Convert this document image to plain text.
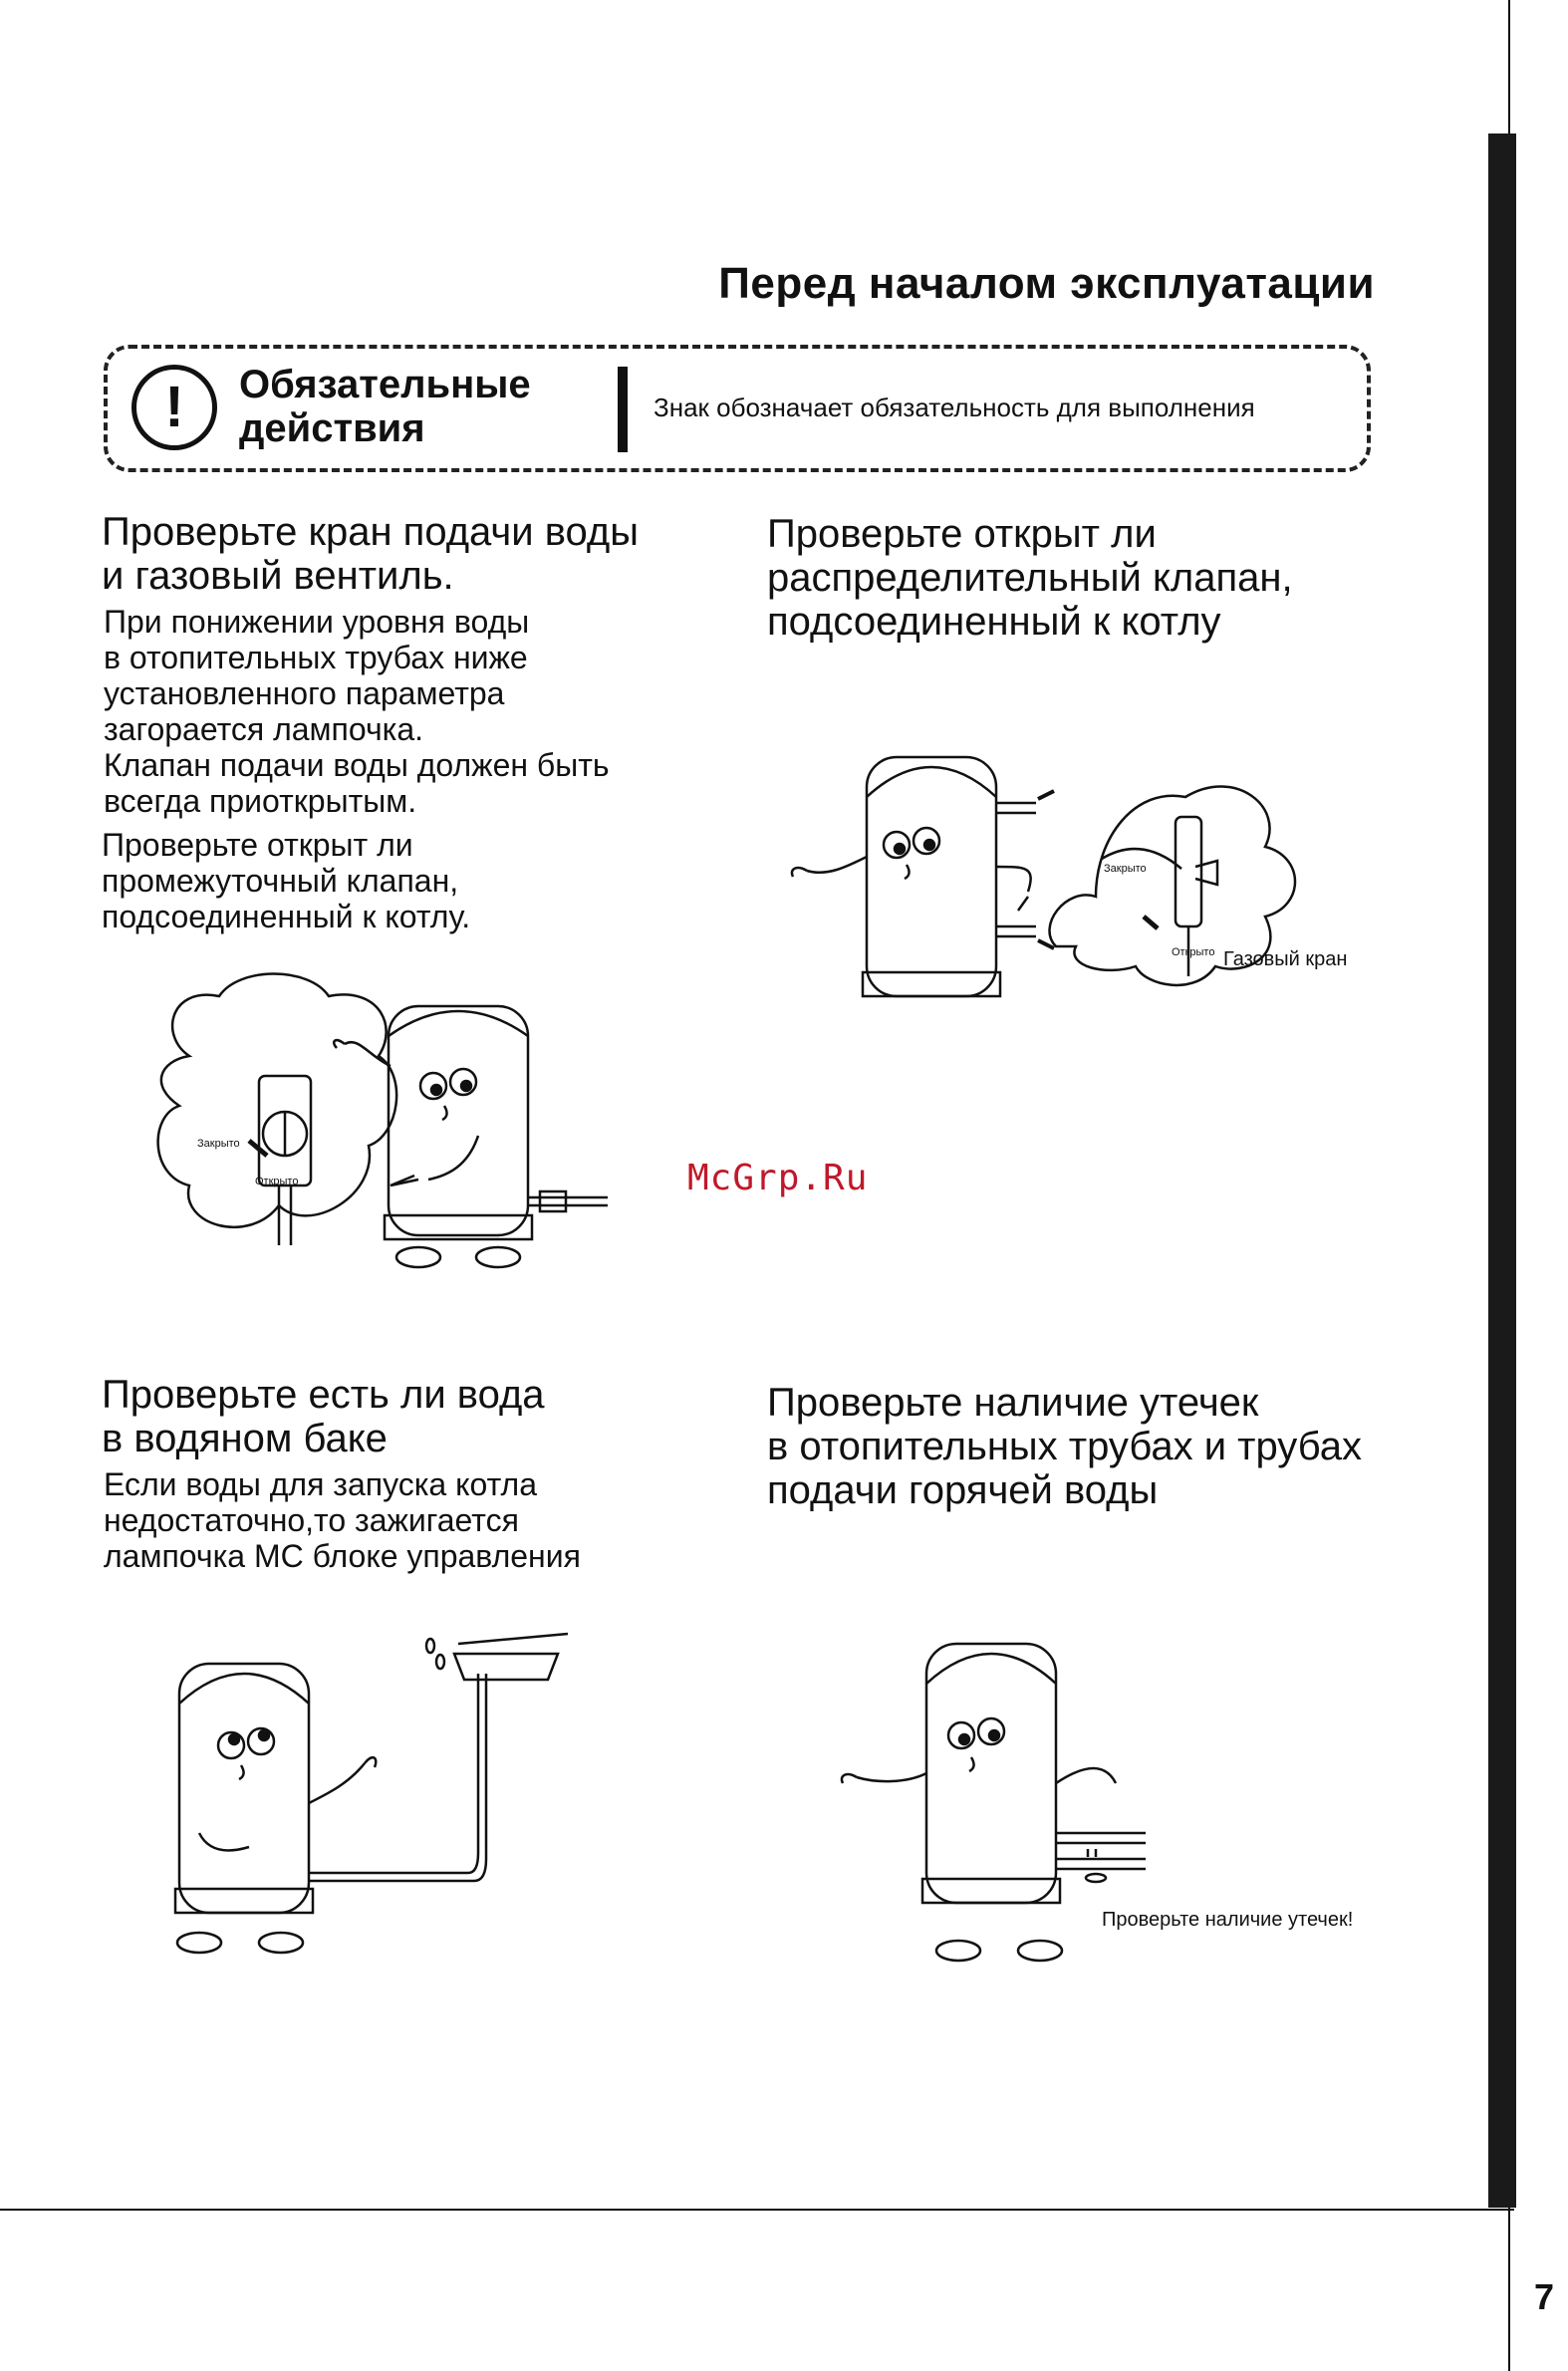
7
Перед началом эксплуатации
!	Обязательные
действия	Знак обозначает обязательность для выполнения
Проверьте кран подачи воды
и газовый вентиль.
При понижении уровня воды
в отопительных трубах ниже
установленного параметра
загорается лампочка.
Клапан подачи воды должен быть
всегда приоткрытым.
Проверьте открыт ли
промежуточный клапан,
подсоединенный к котлу.
Закрыто
Открыто
Проверьте открыт ли
распределительный клапан,
подсоединенный к котлу
Закрыто
Открыто Газовый кран
McGrp.Ru
Проверьте есть ли вода
в водяном баке
Если воды для запуска котла
недостаточно,то зажигается
лампочка МС блоке управления
Проверьте наличие утечек
в отопительных трубах и трубах
подачи горячей воды
Проверьте наличие утечек!
